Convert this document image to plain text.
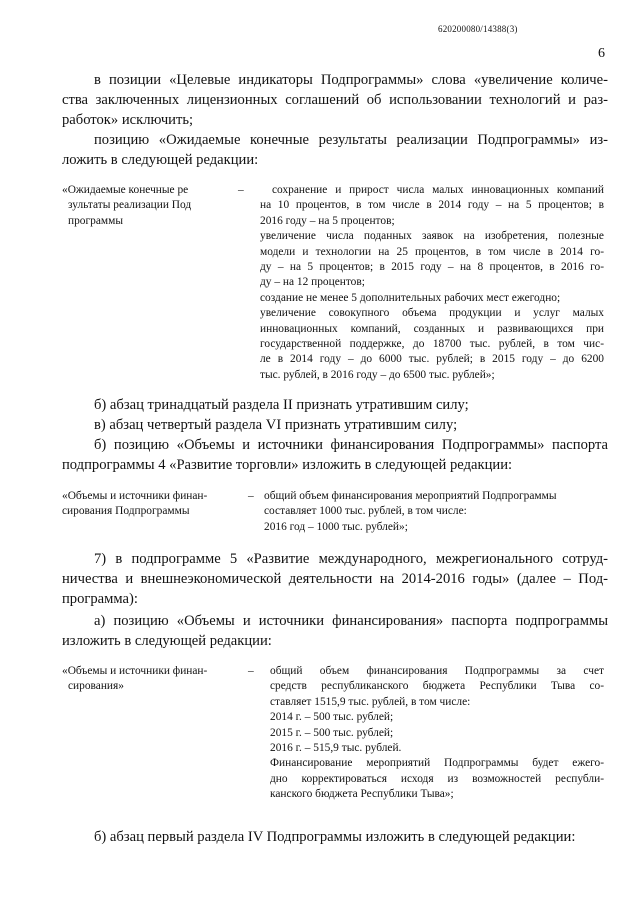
620200080/14388(3)
6
в позиции «Целевые индикаторы Подпрограммы» слова «увеличение количе-
ства заключенных лицензионных соглашений об использовании технологий и раз-
работок» исключить;
позицию «Ожидаемые конечные результаты реализации Подпрограммы» из-
ложить в следующей редакции:
«Ожидаемые конечные ре
зультаты реализации Под
программы
–	сохранение и прирост числа малых инновационных компаний
на 10 процентов, в том числе в 2014 году – на 5 процентов; в
2016 году – на 5 процентов;
увеличение числа поданных заявок на изобретения, полезные
модели и технологии на 25 процентов, в том числе в 2014 го-
ду – на 5 процентов; в 2015 году – на 8 процентов, в 2016 го-
ду – на 12 процентов;
создание не менее 5 дополнительных рабочих мест ежегодно;
увеличение совокупного объема продукции и услуг малых
инновационных компаний, созданных и развивающихся при
государственной поддержке, до 18700 тыс. рублей, в том чис-
ле в 2014 году – до 6000 тыс. рублей; в 2015 году – до 6200
тыс. рублей, в 2016 году – до 6500 тыс. рублей»;
б) абзац тринадцатый раздела II признать утратившим силу;
в) абзац четвертый раздела VI признать утратившим силу;
б) позицию «Объемы и источники финансирования Подпрограммы» паспорта
подпрограммы 4 «Развитие торговли» изложить в следующей редакции:
«Объемы и источники финан-
сирования Подпрограммы
– общий объем финансирования мероприятий Подпрограммы
составляет 1000 тыс. рублей, в том числе:
2016 год – 1000 тыс. рублей»;
7) в подпрограмме 5 «Развитие международного, межрегионального сотруд-
ничества и внешнеэкономической деятельности на 2014-2016 годы» (далее – Под-
программа):
а) позицию «Объемы и источники финансирования» паспорта подпрограммы
изложить в следующей редакции:
«Объемы и источники финан-
сирования»
– общий объем финансирования Подпрограммы за счет
средств республиканского бюджета Республики Тыва со-
ставляет 1515,9 тыс. рублей, в том числе:
2014 г. – 500 тыс. рублей;
2015 г. – 500 тыс. рублей;
2016 г. – 515,9 тыс. рублей.
Финансирование мероприятий Подпрограммы будет ежего-
дно корректироваться исходя из возможностей республи-
канского бюджета Республики Тыва»;
б) абзац первый раздела IV Подпрограммы изложить в следующей редакции:
